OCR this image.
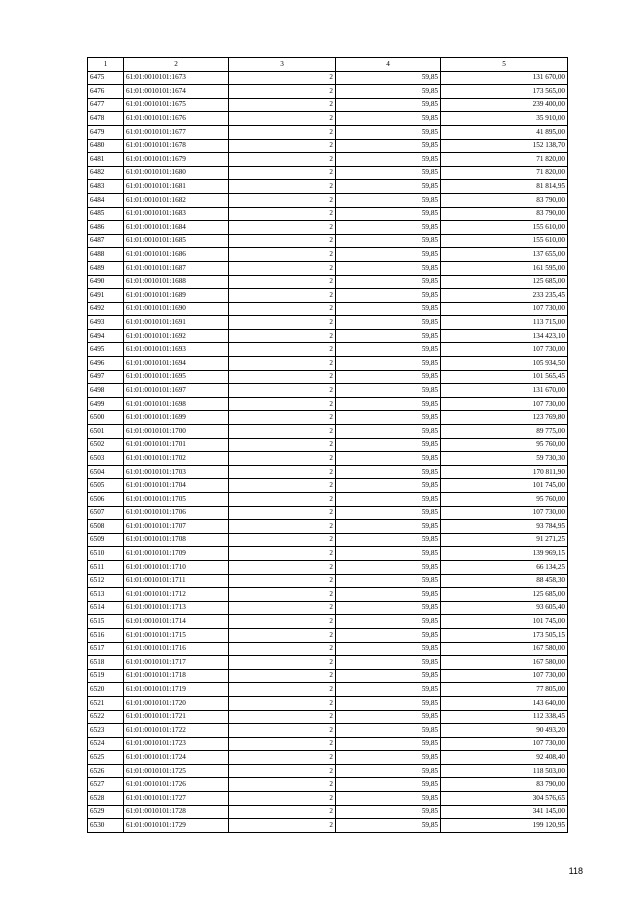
1	2	3	4	5
6475	61:01:0010101:1673	2	59,85	131 670,00
6476	61:01:0010101:1674	2	59,85	173 565,00
6477	61:01:0010101:1675	2	59,85	239 400,00
6478	61:01:0010101:1676	2	59,85	35 910,00
6479	61:01:0010101:1677	2	59,85	41 895,00
6480	61:01:0010101:1678	2	59,85	152 138,70
6481	61:01:0010101:1679	2	59,85	71 820,00
6482	61:01:0010101:1680	2	59,85	71 820,00
6483	61:01:0010101:1681	2	59,85	81 814,95
6484	61:01:0010101:1682	2	59,85	83 790,00
6485	61:01:0010101:1683	2	59,85	83 790,00
6486	61:01:0010101:1684	2	59,85	155 610,00
6487	61:01:0010101:1685	2	59,85	155 610,00
6488	61:01:0010101:1686	2	59,85	137 655,00
6489	61:01:0010101:1687	2	59,85	161 595,00
6490	61:01:0010101:1688	2	59,85	125 685,00
6491	61:01:0010101:1689	2	59,85	233 235,45
6492	61:01:0010101:1690	2	59,85	107 730,00
6493	61:01:0010101:1691	2	59,85	113 715,00
6494	61:01:0010101:1692	2	59,85	134 423,10
6495	61:01:0010101:1693	2	59,85	107 730,00
6496	61:01:0010101:1694	2	59,85	105 934,50
6497	61:01:0010101:1695	2	59,85	101 565,45
6498	61:01:0010101:1697	2	59,85	131 670,00
6499	61:01:0010101:1698	2	59,85	107 730,00
6500	61:01:0010101:1699	2	59,85	123 769,80
6501	61:01:0010101:1700	2	59,85	89 775,00
6502	61:01:0010101:1701	2	59,85	95 760,00
6503	61:01:0010101:1702	2	59,85	59 730,30
6504	61:01:0010101:1703	2	59,85	170 811,90
6505	61:01:0010101:1704	2	59,85	101 745,00
6506	61:01:0010101:1705	2	59,85	95 760,00
6507	61:01:0010101:1706	2	59,85	107 730,00
6508	61:01:0010101:1707	2	59,85	93 784,95
6509	61:01:0010101:1708	2	59,85	91 271,25
6510	61:01:0010101:1709	2	59,85	139 969,15
6511	61:01:0010101:1710	2	59,85	66 134,25
6512	61:01:0010101:1711	2	59,85	88 458,30
6513	61:01:0010101:1712	2	59,85	125 685,00
6514	61:01:0010101:1713	2	59,85	93 605,40
6515	61:01:0010101:1714	2	59,85	101 745,00
6516	61:01:0010101:1715	2	59,85	173 505,15
6517	61:01:0010101:1716	2	59,85	167 580,00
6518	61:01:0010101:1717	2	59,85	167 580,00
6519	61:01:0010101:1718	2	59,85	107 730,00
6520	61:01:0010101:1719	2	59,85	77 805,00
6521	61:01:0010101:1720	2	59,85	143 640,00
6522	61:01:0010101:1721	2	59,85	112 338,45
6523	61:01:0010101:1722	2	59,85	90 493,20
6524	61:01:0010101:1723	2	59,85	107 730,00
6525	61:01:0010101:1724	2	59,85	92 408,40
6526	61:01:0010101:1725	2	59,85	118 503,00
6527	61:01:0010101:1726	2	59,85	83 790,00
6528	61:01:0010101:1727	2	59,85	304 576,65
6529	61:01:0010101:1728	2	59,85	341 145,00
6530	61:01:0010101:1729	2	59,85	199 120,95
118
